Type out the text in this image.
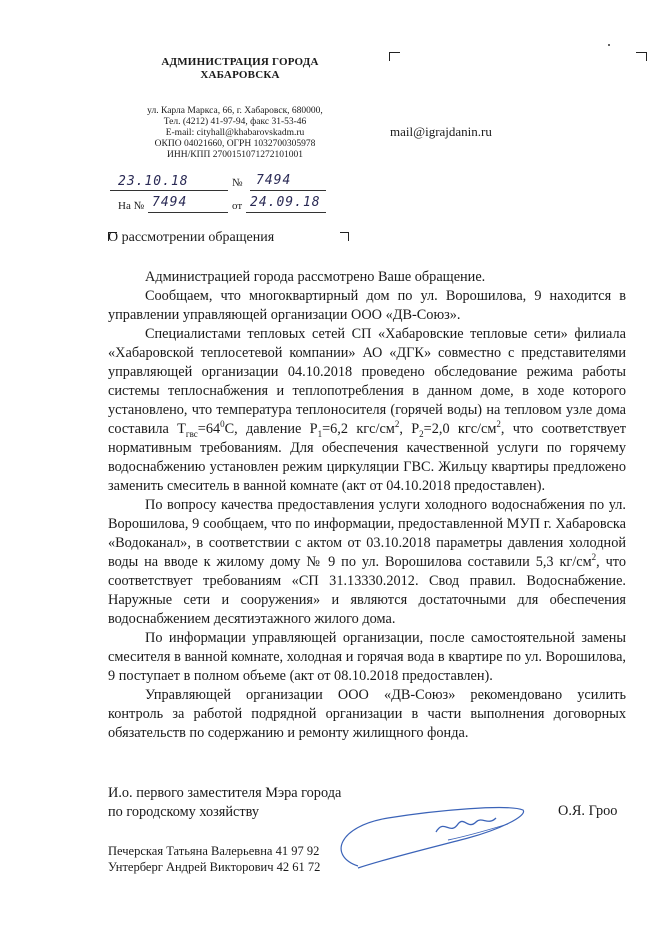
АДМИНИСТРАЦИЯ ГОРОДА
ХАБАРОВСКА
ул. Карла Маркса, 66, г. Хабаровск, 680000,
Тел. (4212) 41-97-94, факс 31-53-46
E-mail: cityhall@khabarovskadm.ru
ОКПО 04021660, ОГРН 1032700305978
ИНН/КПП 2700151071272101001
mail@igrajdanin.ru
23.10.18	№ 7494
На № 7494	от 24.09.18
О рассмотрении обращения

Администрацией города рассмотрено Ваше обращение.

Сообщаем, что многоквартирный дом по ул. Ворошилова, 9 находится в управлении управляющей организации ООО «ДВ-Союз».

Специалистами тепловых сетей СП «Хабаровские тепловые сети» филиала «Хабаровской теплосетевой компании» АО «ДГК» совместно с представителями управляющей организации 04.10.2018 проведено обследование режима работы системы теплоснабжения и теплопотребления в данном доме, в ходе которого установлено, что температура теплоносителя (горячей воды) на тепловом узле дома составила $Т_{гвс}=64^0С$, давление $Р_1=6,2$ кгс/$см^2$, $Р_2=2,0$ кгс/$см^2$, что соответствует нормативным требованиям. Для обеспечения качественной услуги по горячему водоснабжению установлен режим циркуляции ГВС. Жильцу квартиры предложено заменить смеситель в ванной комнате (акт от 04.10.2018 предоставлен).

По вопросу качества предоставления услуги холодного водоснабжения по ул. Ворошилова, 9 сообщаем, что по информации, предоставленной МУП г. Хабаровска «Водоканал», в соответствии с актом от 03.10.2018 параметры давления холодной воды на вводе к жилому дому № 9 по ул. Ворошилова составили 5,3 $кг/см^2$, что соответствует требованиям «СП 31.13330.2012. Свод правил. Водоснабжение. Наружные сети и сооружения» и являются достаточными для обеспечения водоснабжением десятиэтажного жилого дома.

По информации управляющей организации, после самостоятельной замены смесителя в ванной комнате, холодная и горячая вода в квартире по ул. Ворошилова, 9 поступает в полном объеме (акт от 08.10.2018 предоставлен).

Управляющей организации ООО «ДВ-Союз» рекомендовано усилить контроль за работой подрядной организации в части выполнения договорных обязательств по содержанию и ремонту жилищного фонда.

И.о. первого заместителя Мэра города
по городскому хозяйству	О.Я. Гроо
Печерская Татьяна Валерьевна 41 97 92
Унтерберг Андрей Викторович 42 61 72
